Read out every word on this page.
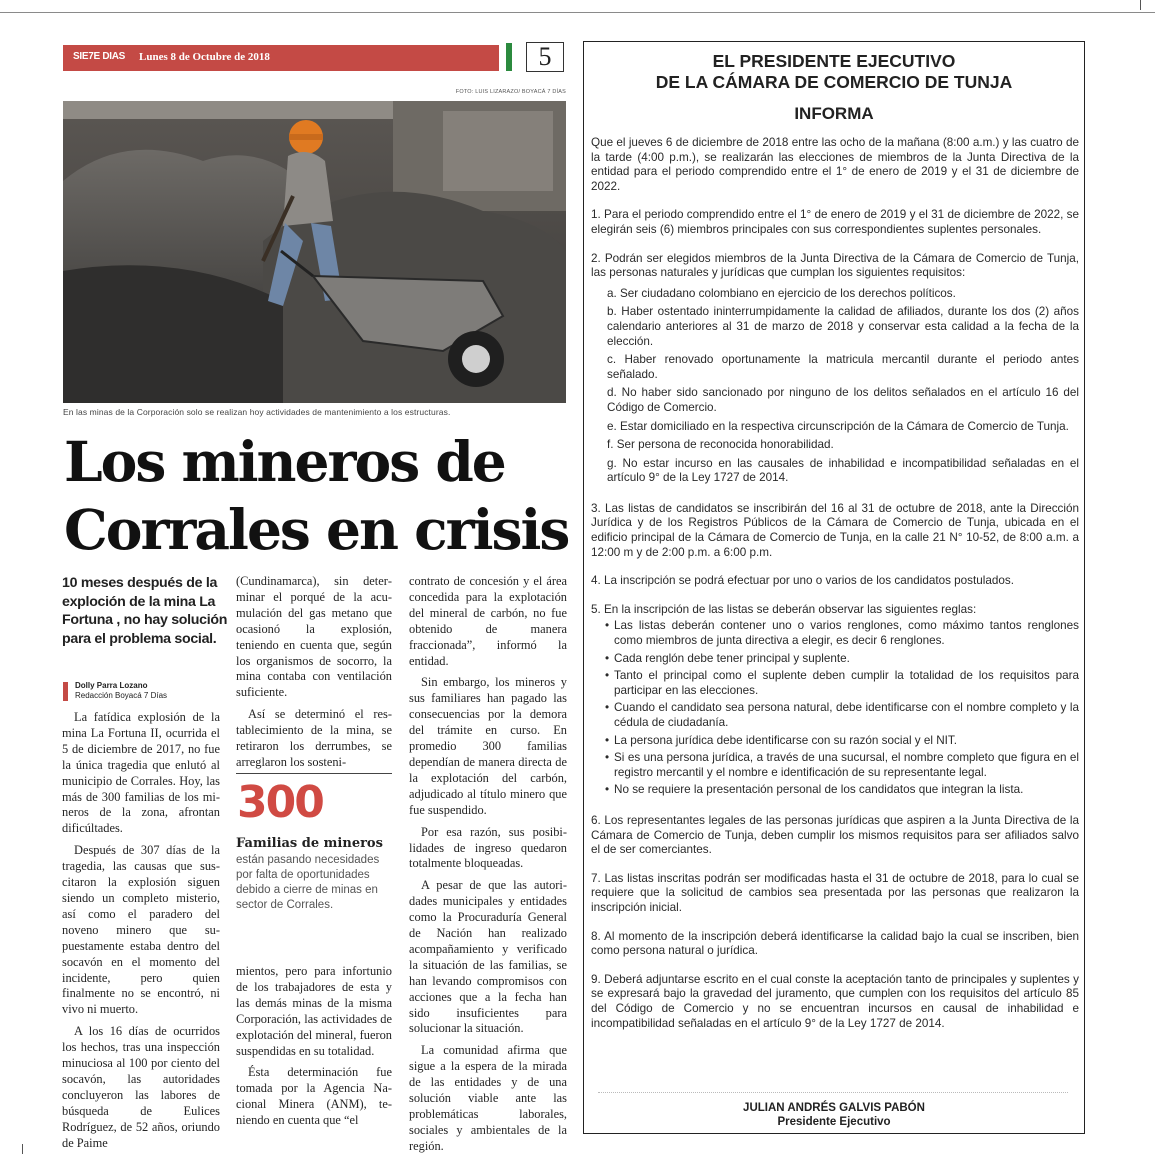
SIE7E DIAS Lunes 8 de Octubre de 2018	5
FOTO: LUIS LIZARAZO/ BOYACÁ 7 DÍAS
En las minas de la Corporación solo se realizan hoy actividades de mantenimiento a los estructuras.
Los mineros de Corrales en crisis
10 meses después de la exploción de la mina La Fortuna , no hay solución para el problema social.
Dolly Parra Lozano
Redacción Boyacá 7 Días

La fatídica explosión de la mina La Fortuna II, ocurrida el 5 de diciembre de 2017, no fue la única tragedia que enlutó al municipio de Corrales. Hoy, las más de 300 familias de los mineros de la zona, afrontan dificúltades.

Después de 307 días de la tragedia, las causas que suscitaron la explosión siguen siendo un completo misterio, así como el paradero del noveno minero que supuestamente estaba dentro del socavón en el momento del incidente, pero quien finalmente no se encontró, ni vivo ni muerto.

A los 16 días de ocurridos los hechos, tras una inspección minuciosa al 100 por ciento del socavón, las autoridades concluyeron las labores de búsqueda de Eulices Rodríguez, de 52 años, oriundo de Paime

(Cundinamarca), sin determinar el porqué de la acumulación del gas metano que ocasionó la explosión, teniendo en cuenta que, según los organismos de socorro, la mina contaba con ventilación suficiente.

Así se determinó el restablecimiento de la mina, se retiraron los derrumbes, se arreglaron los sosteni-

300
Familias de mineros
están pasando necesidades por falta de oportunidades debido a cierre de minas en sector de Corrales.

mientos, pero para infortunio de los trabajadores de esta y las demás minas de la misma Corporación, las actividades de explotación del mineral, fueron suspendidas en su totalidad.

Ésta determinación fue tomada por la Agencia Nacional Minera (ANM), teniendo en cuenta que “el

contrato de concesión y el área concedida para la explotación del mineral de carbón, no fue obtenido de manera fraccionada”, informó la entidad.

Sin embargo, los mineros y sus familiares han pagado las consecuencias por la demora del trámite en curso. En promedio 300 familias dependían de manera directa de la explotación del carbón, adjudicado al título minero que fue suspendido.

Por esa razón, sus posibilidades de ingreso quedaron totalmente bloqueadas.

A pesar de que las autoridades municipales y entidades como la Procuraduría General de Nación han realizado acompañamiento y verificado la situación de las familias, se han levando compromisos con acciones que a la fecha han sido insuficientes para solucionar la situación.

La comunidad afirma que sigue a la espera de la mirada de las entidades y de una solución viable ante las problemáticas laborales, sociales y ambientales de la región.

EL PRESIDENTE EJECUTIVO
DE LA CÁMARA DE COMERCIO DE TUNJA
INFORMA
Que el jueves 6 de diciembre de 2018 entre las ocho de la mañana (8:00 a.m.) y las cuatro de la tarde (4:00 p.m.), se realizarán las elecciones de miembros de la Junta Directiva de la entidad para el periodo comprendido entre el 1° de enero de 2019 y el 31 de diciembre de 2022.
1. Para el periodo comprendido entre el 1° de enero de 2019 y el 31 de diciembre de 2022, se elegirán seis (6) miembros principales con sus correspondientes suplentes personales.
2. Podrán ser elegidos miembros de la Junta Directiva de la Cámara de Comercio de Tunja, las personas naturales y jurídicas que cumplan los siguientes requisitos:
a. Ser ciudadano colombiano en ejercicio de los derechos políticos.
b. Haber ostentado ininterrumpidamente la calidad de afiliados, durante los dos (2) años calendario anteriores al 31 de marzo de 2018 y conservar esta calidad a la fecha de la elección.
c. Haber renovado oportunamente la matricula mercantil durante el periodo antes señalado.
d. No haber sido sancionado por ninguno de los delitos señalados en el artículo 16 del Código de Comercio.
e. Estar domiciliado en la respectiva circunscripción de la Cámara de Comercio de Tunja.
f. Ser persona de reconocida honorabilidad.
g. No estar incurso en las causales de inhabilidad e incompatibilidad señaladas en el artículo 9° de la Ley 1727 de 2014.
3. Las listas de candidatos se inscribirán del 16 al 31 de octubre de 2018, ante la Dirección Jurídica y de los Registros Públicos de la Cámara de Comercio de Tunja, ubicada en el edificio principal de la Cámara de Comercio de Tunja, en la calle 21 N° 10-52, de 8:00 a.m. a 12:00 m y de 2:00 p.m. a 6:00 p.m.
4. La inscripción se podrá efectuar por uno o varios de los candidatos postulados.
5. En la inscripción de las listas se deberán observar las siguientes reglas:
• Las listas deberán contener uno o varios renglones, como máximo tantos renglones como miembros de junta directiva a elegir, es decir 6 renglones.
• Cada renglón debe tener principal y suplente.
• Tanto el principal como el suplente deben cumplir la totalidad de los requisitos para participar en las elecciones.
• Cuando el candidato sea persona natural, debe identificarse con el nombre completo y la cédula de ciudadanía.
• La persona jurídica debe identificarse con su razón social y el NIT.
• Si es una persona jurídica, a través de una sucursal, el nombre completo que figura en el registro mercantil y el nombre e identificación de su representante legal.
• No se requiere la presentación personal de los candidatos que integran la lista.
6. Los representantes legales de las personas jurídicas que aspiren a la Junta Directiva de la Cámara de Comercio de Tunja, deben cumplir los mismos requisitos para ser afiliados salvo el de ser comerciantes.
7. Las listas inscritas podrán ser modificadas hasta el 31 de octubre de 2018, para lo cual se requiere que la solicitud de cambios sea presentada por las personas que realizaron la inscripción inicial.
8. Al momento de la inscripción deberá identificarse la calidad bajo la cual se inscriben, bien como persona natural o jurídica.
9. Deberá adjuntarse escrito en el cual conste la aceptación tanto de principales y suplentes y se expresará bajo la gravedad del juramento, que cumplen con los requisitos del artículo 85 del Código de Comercio y no se encuentran incursos en causal de inhabilidad e incompatibilidad señaladas en el artículo 9° de la Ley 1727 de 2014.
JULIAN ANDRÉS GALVIS PABÓN
Presidente Ejecutivo
